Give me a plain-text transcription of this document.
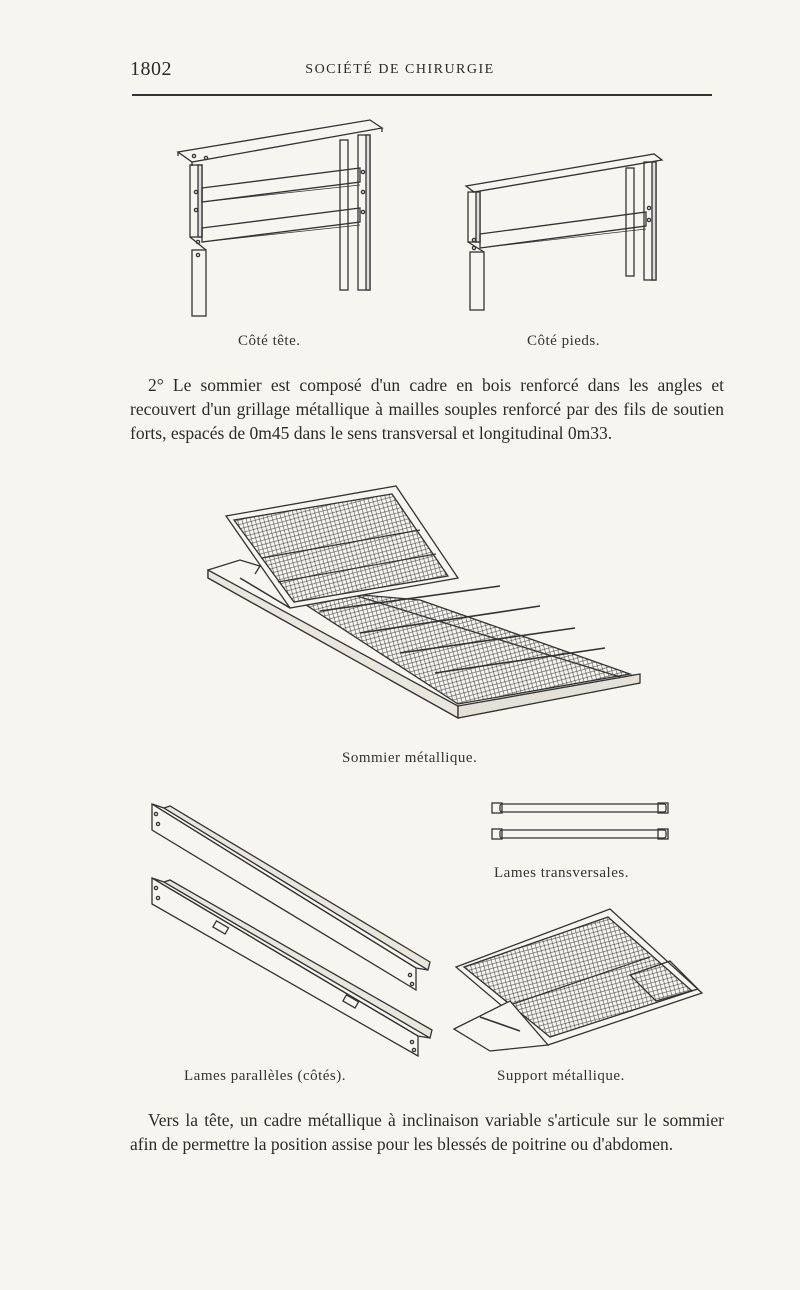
1802	SOCIÉTÉ DE CHIRURGIE
Côté tête.	Côté pieds.

2° Le sommier est composé d'un cadre en bois renforcé dans les angles et recouvert d'un grillage métallique à mailles souples renforcé par des fils de soutien forts, espacés de 0m45 dans le sens transversal et longitudinal 0m33.

Sommier métallique.
Lames transversales.
Lames parallèles (côtés).	Support métallique.

Vers la tête, un cadre métallique à inclinaison variable s'articule sur le sommier afin de permettre la position assise pour les blessés de poitrine ou d'abdomen.
